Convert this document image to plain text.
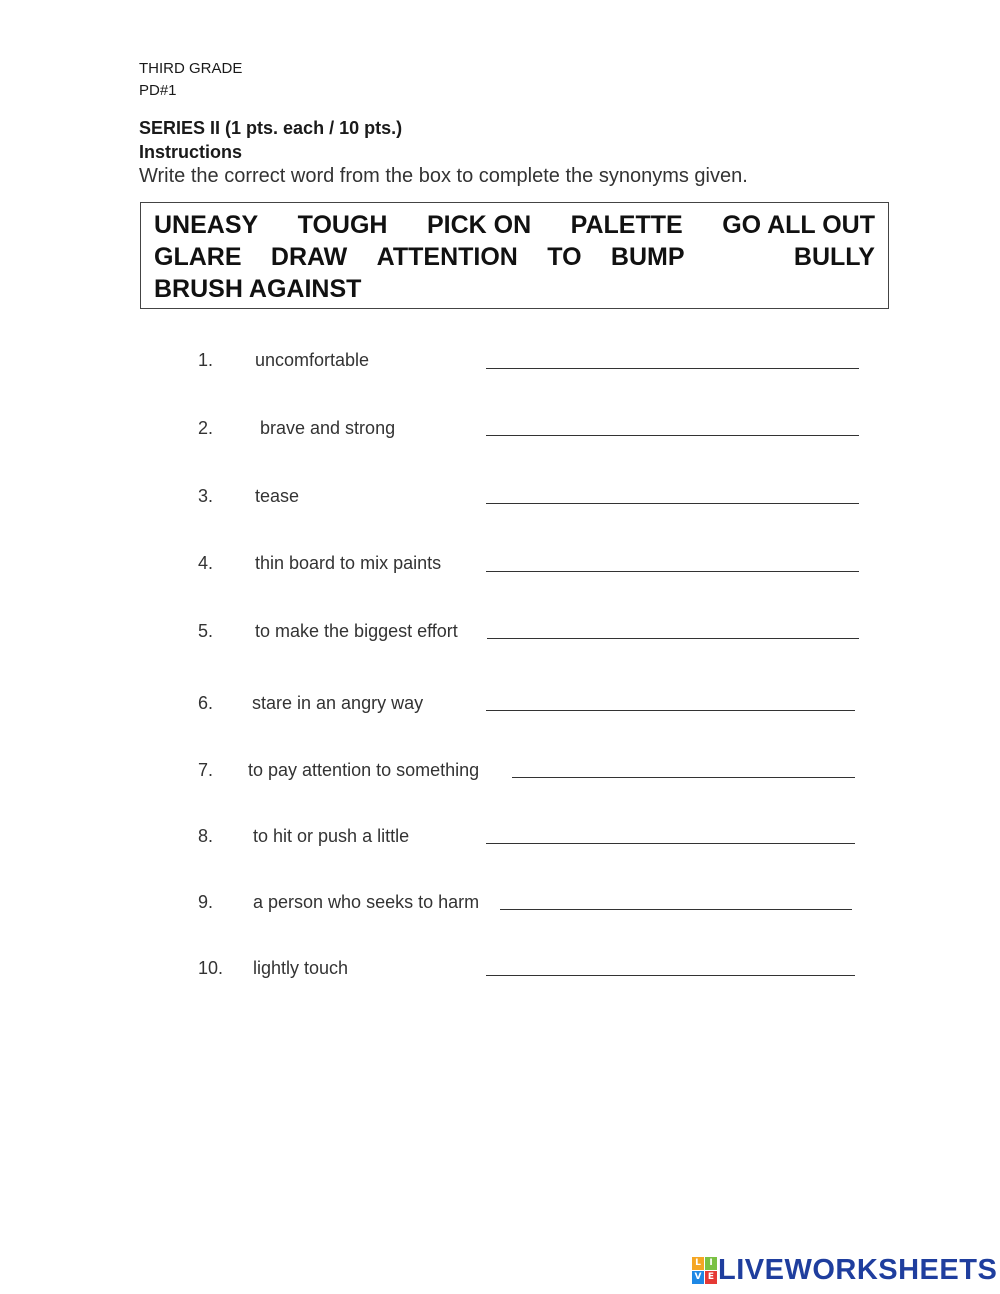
THIRD GRADE
PD#1
SERIES II (1 pts. each / 10 pts.)
Instructions
Write the correct word from the box to complete the synonyms given.
UNEASY TOUGH PICK ON PALETTE GO ALL OUT
GLARE DRAW ATTENTION TO BUMP	BULLY
BRUSH AGAINST
1. uncomfortable
2.	brave and strong
3. tease
4. thin board to mix paints
5. to make the biggest effort
6. stare in an angry way
7. to pay attention to something
8. to hit or push a little
9. a person who seeks to harm
10. lightly touch
L I
V E LIVEWORKSHEETS
